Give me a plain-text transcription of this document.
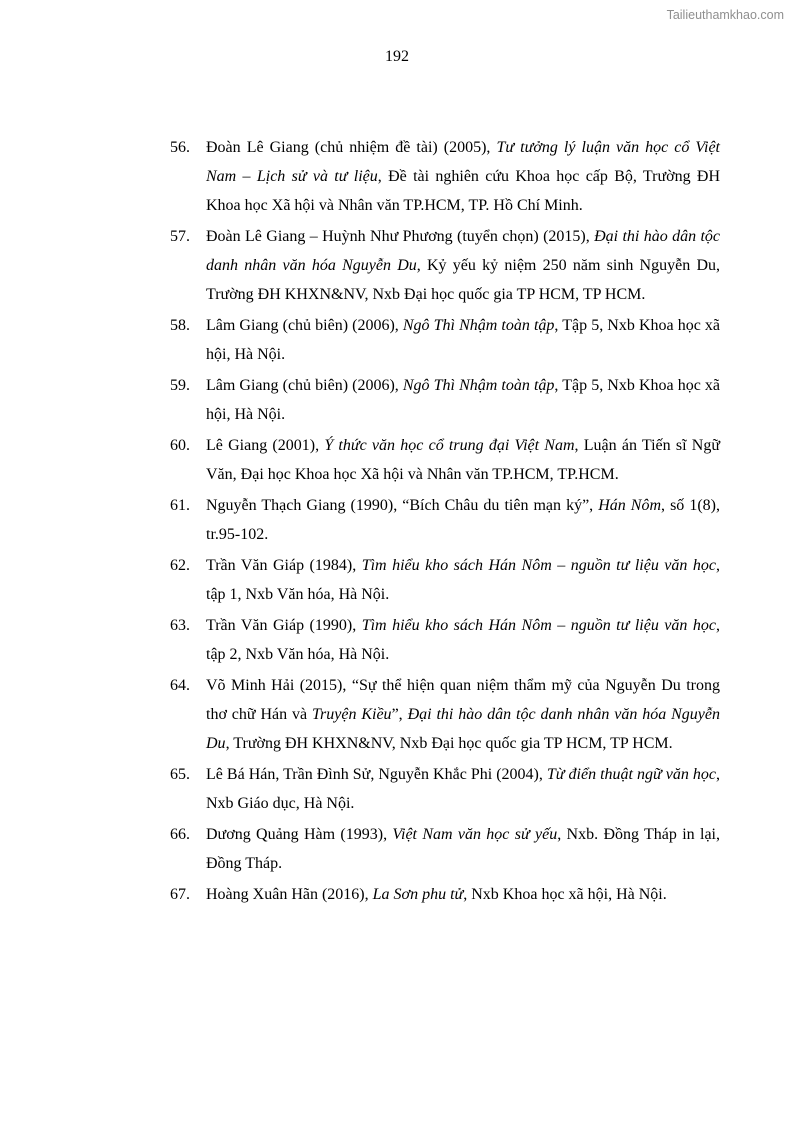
Tailieuthamkhao.com
192
56.	Đoàn Lê Giang (chủ nhiệm đề tài) (2005), Tư tưởng lý luận văn học cổ Việt Nam – Lịch sử và tư liệu, Đề tài nghiên cứu Khoa học cấp Bộ, Trường ĐH Khoa học Xã hội và Nhân văn TP.HCM, TP. Hồ Chí Minh.
57.	Đoàn Lê Giang – Huỳnh Như Phương (tuyển chọn) (2015), Đại thi hào dân tộc danh nhân văn hóa Nguyễn Du, Kỷ yếu kỷ niệm 250 năm sinh Nguyễn Du, Trường ĐH KHXN&NV, Nxb Đại học quốc gia TP HCM, TP HCM.
58.	Lâm Giang (chủ biên) (2006), Ngô Thì Nhậm toàn tập, Tập 5, Nxb Khoa học xã hội, Hà Nội.
59.	Lâm Giang (chủ biên) (2006), Ngô Thì Nhậm toàn tập, Tập 5, Nxb Khoa học xã hội, Hà Nội.
60.	Lê Giang (2001), Ý thức văn học cổ trung đại Việt Nam, Luận án Tiến sĩ Ngữ Văn, Đại học Khoa học Xã hội và Nhân văn TP.HCM, TP.HCM.
61.	Nguyễn Thạch Giang (1990), “Bích Châu du tiên mạn ký”, Hán Nôm, số 1(8), tr.95-102.
62.	Trần Văn Giáp (1984), Tìm hiểu kho sách Hán Nôm – nguồn tư liệu văn học, tập 1, Nxb Văn hóa, Hà Nội.
63.	Trần Văn Giáp (1990), Tìm hiểu kho sách Hán Nôm – nguồn tư liệu văn học, tập 2, Nxb Văn hóa, Hà Nội.
64.	Võ Minh Hải (2015), “Sự thể hiện quan niệm thẩm mỹ của Nguyễn Du trong thơ chữ Hán và Truyện Kiều”, Đại thi hào dân tộc danh nhân văn hóa Nguyễn Du, Trường ĐH KHXN&NV, Nxb Đại học quốc gia TP HCM, TP HCM.
65.	Lê Bá Hán, Trần Đình Sử, Nguyễn Khắc Phi (2004), Từ điển thuật ngữ văn học, Nxb Giáo dục, Hà Nội.
66.	Dương Quảng Hàm (1993), Việt Nam văn học sử yếu, Nxb. Đồng Tháp in lại, Đồng Tháp.
67.	Hoàng Xuân Hãn (2016), La Sơn phu tử, Nxb Khoa học xã hội, Hà Nội.
